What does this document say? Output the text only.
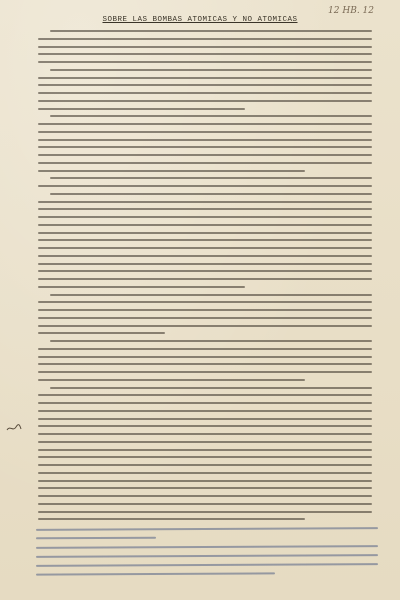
12 HB. 12
SOBRE LAS BOMBAS ATOMICAS Y NO ATOMICAS
